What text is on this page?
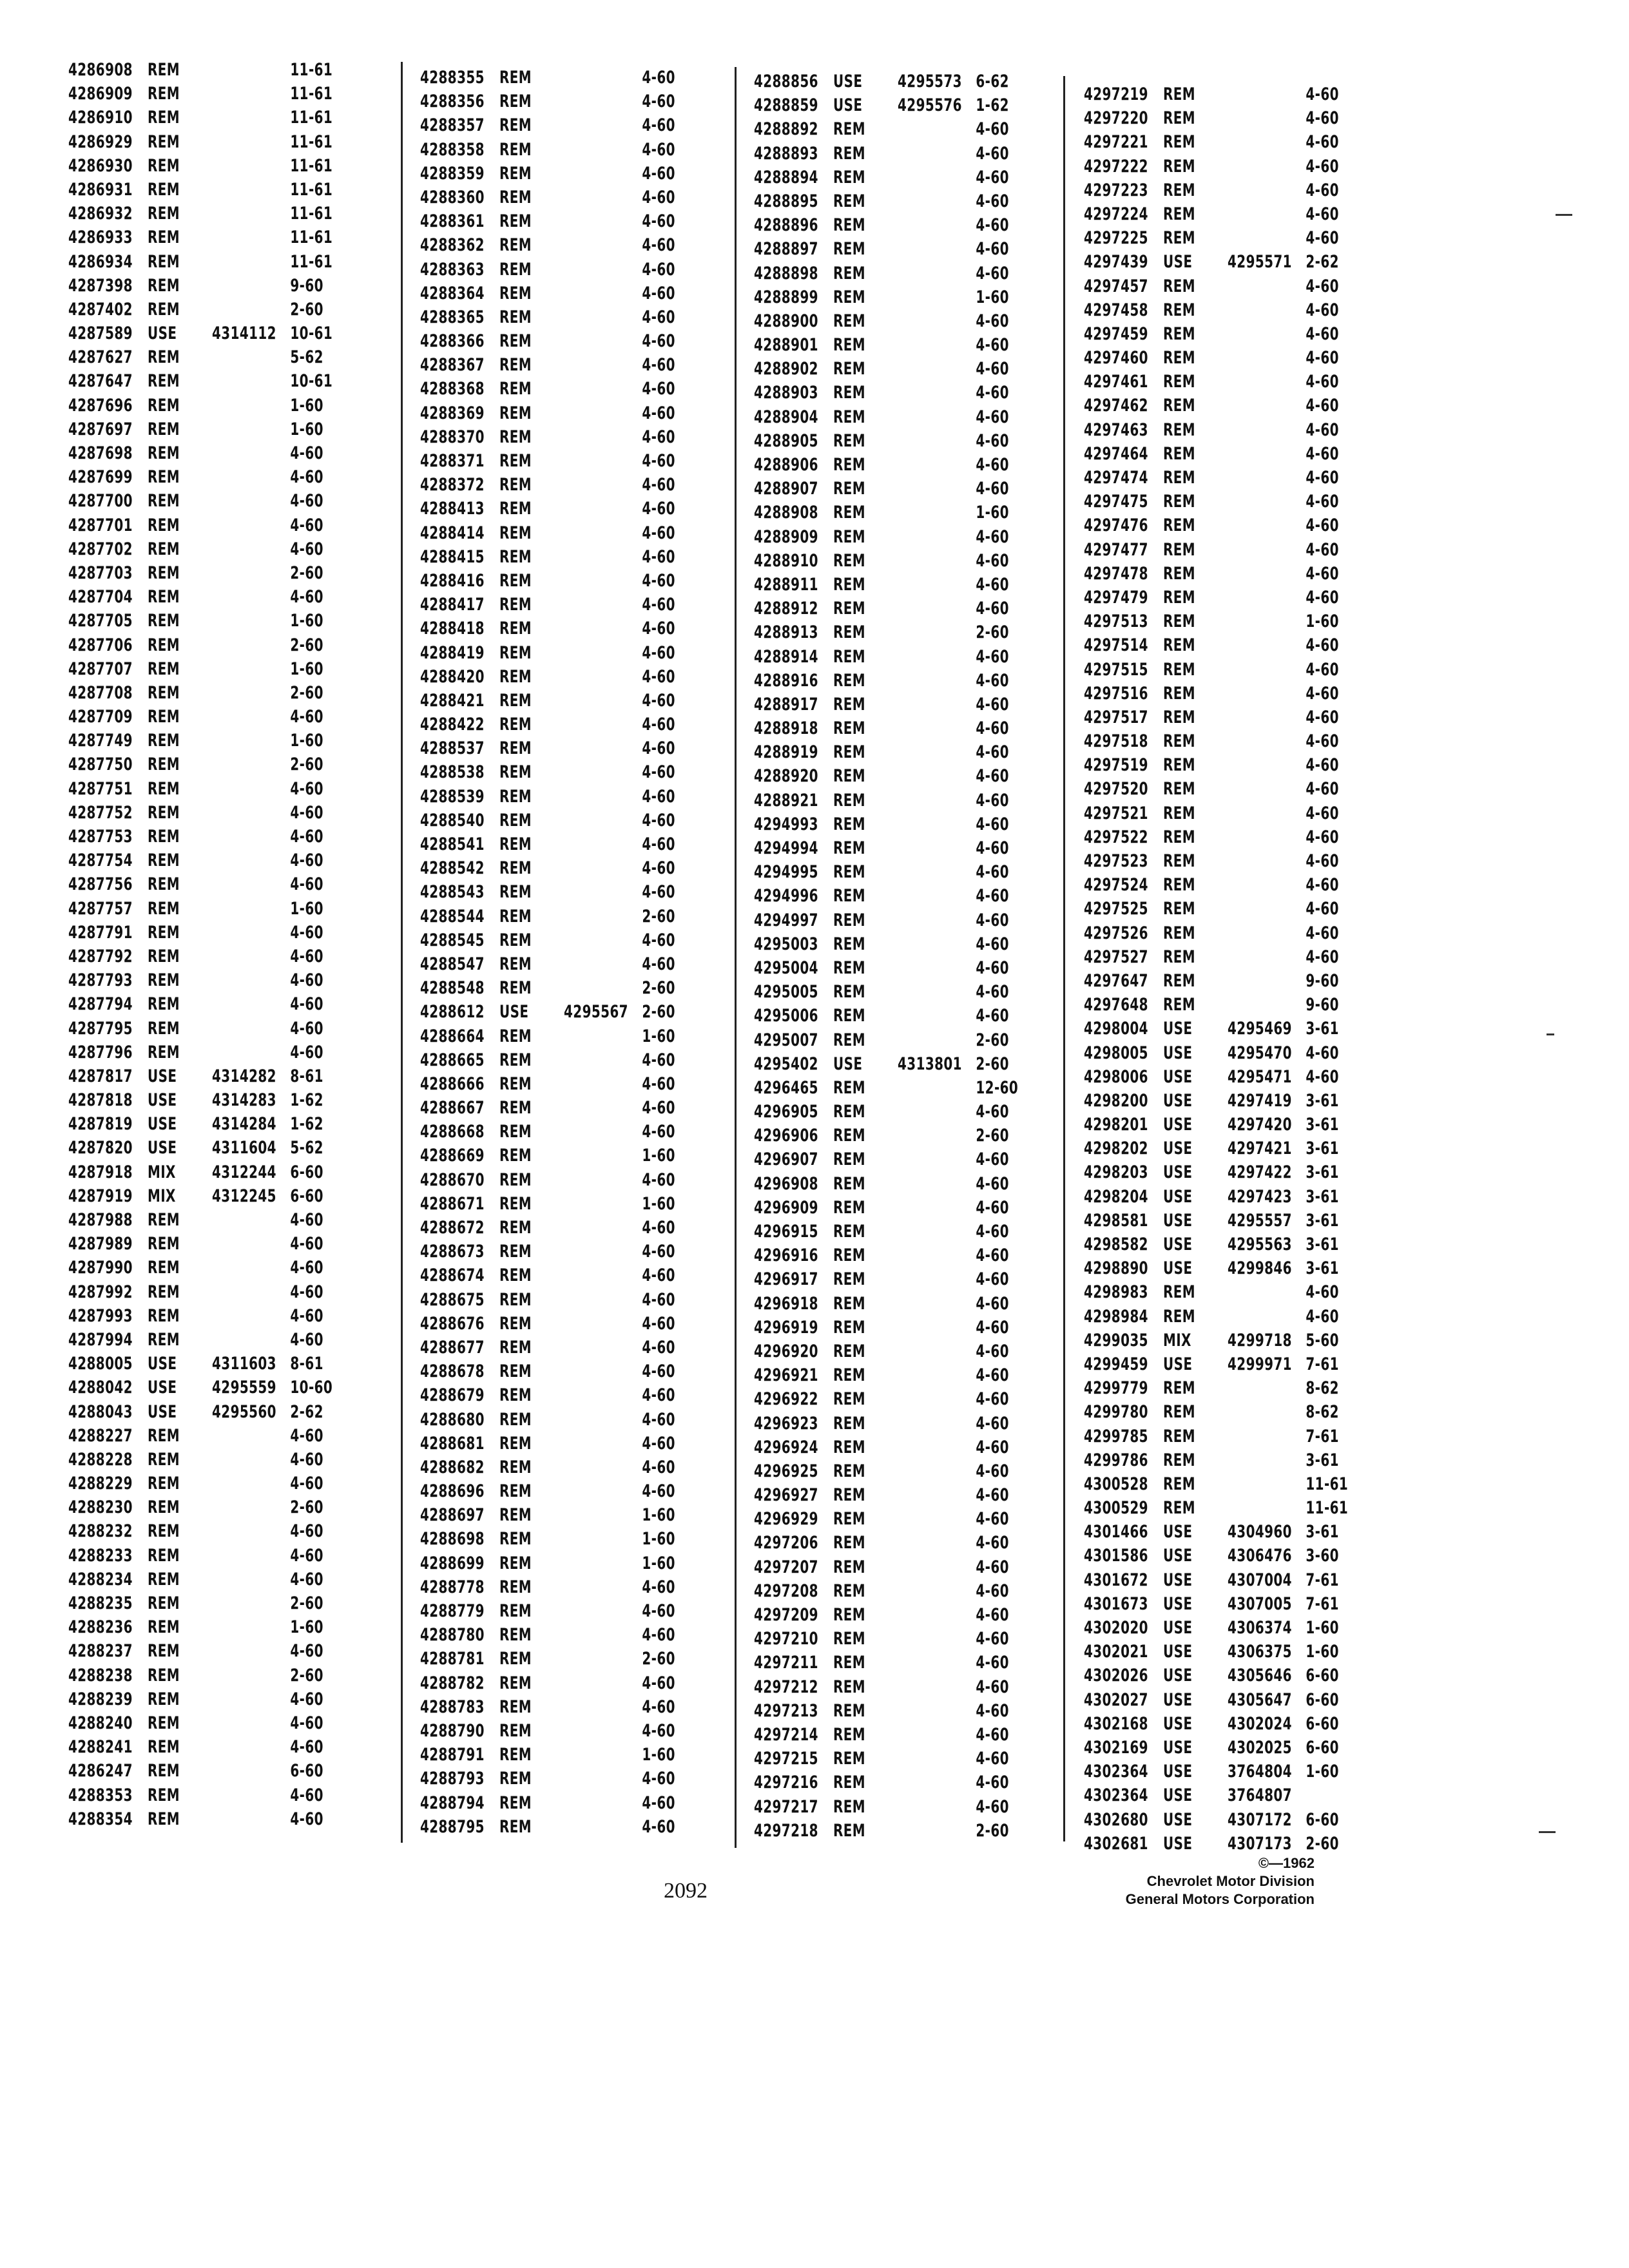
4286908 REM	11-61
4286909 REM	11-61
4286910 REM	11-61
4286929 REM	11-61
4286930 REM	11-61
4286931 REM	11-61
4286932 REM	11-61
4286933 REM	11-61
4286934 REM	11-61
4287398 REM	9-60
4287402 REM	2-60
4287589 USE 4314112 10-61
4287627 REM	5-62
4287647 REM	10-61
4287696 REM	1-60
4287697 REM	1-60
4287698 REM	4-60
4287699 REM	4-60
4287700 REM	4-60
4287701 REM	4-60
4287702 REM	4-60
4287703 REM	2-60
4287704 REM	4-60
4287705 REM	1-60
4287706 REM	2-60
4287707 REM	1-60
4287708 REM	2-60
4287709 REM	4-60
4287749 REM	1-60
4287750 REM	2-60
4287751 REM	4-60
4287752 REM	4-60
4287753 REM	4-60
4287754 REM	4-60
4287756 REM	4-60
4287757 REM	1-60
4287791 REM	4-60
4287792 REM	4-60
4287793 REM	4-60
4287794 REM	4-60
4287795 REM	4-60
4287796 REM	4-60
4287817 USE 4314282 8-61
4287818 USE 4314283 1-62
4287819 USE 4314284 1-62
4287820 USE 4311604 5-62
4287918 MIX 4312244 6-60
4287919 MIX 4312245 6-60
4287988 REM	4-60
4287989 REM	4-60
4287990 REM	4-60
4287992 REM	4-60
4287993 REM	4-60
4287994 REM	4-60
4288005 USE 4311603 8-61
4288042 USE 4295559 10-60
4288043 USE 4295560 2-62
4288227 REM	4-60
4288228 REM	4-60
4288229 REM	4-60
4288230 REM	2-60
4288232 REM	4-60
4288233 REM	4-60
4288234 REM	4-60
4288235 REM	2-60
4288236 REM	1-60
4288237 REM	4-60
4288238 REM	2-60
4288239 REM	4-60
4288240 REM	4-60
4288241 REM	4-60
4286247 REM	6-60
4288353 REM	4-60
4288354 REM	4-60
4288355 REM	4-60
4288356 REM	4-60
4288357 REM	4-60
4288358 REM	4-60
4288359 REM	4-60
4288360 REM	4-60
4288361 REM	4-60
4288362 REM	4-60
4288363 REM	4-60
4288364 REM	4-60
4288365 REM	4-60
4288366 REM	4-60
4288367 REM	4-60
4288368 REM	4-60
4288369 REM	4-60
4288370 REM	4-60
4288371 REM	4-60
4288372 REM	4-60
4288413 REM	4-60
4288414 REM	4-60
4288415 REM	4-60
4288416 REM	4-60
4288417 REM	4-60
4288418 REM	4-60
4288419 REM	4-60
4288420 REM	4-60
4288421 REM	4-60
4288422 REM	4-60
4288537 REM	4-60
4288538 REM	4-60
4288539 REM	4-60
4288540 REM	4-60
4288541 REM	4-60
4288542 REM	4-60
4288543 REM	4-60
4288544 REM	2-60
4288545 REM	4-60
4288547 REM	4-60
4288548 REM	2-60
4288612 USE 4295567 2-60
4288664 REM	1-60
4288665 REM	4-60
4288666 REM	4-60
4288667 REM	4-60
4288668 REM	4-60
4288669 REM	1-60
4288670 REM	4-60
4288671 REM	1-60
4288672 REM	4-60
4288673 REM	4-60
4288674 REM	4-60
4288675 REM	4-60
4288676 REM	4-60
4288677 REM	4-60
4288678 REM	4-60
4288679 REM	4-60
4288680 REM	4-60
4288681 REM	4-60
4288682 REM	4-60
4288696 REM	4-60
4288697 REM	1-60
4288698 REM	1-60
4288699 REM	1-60
4288778 REM	4-60
4288779 REM	4-60
4288780 REM	4-60
4288781 REM	2-60
4288782 REM	4-60
4288783 REM	4-60
4288790 REM	4-60
4288791 REM	1-60
4288793 REM	4-60
4288794 REM	4-60
4288795 REM	4-60
4288856 USE 4295573 6-62
4288859 USE 4295576 1-62
4288892 REM	4-60
4288893 REM	4-60
4288894 REM	4-60
4288895 REM	4-60
4288896 REM	4-60
4288897 REM	4-60
4288898 REM	4-60
4288899 REM	1-60
4288900 REM	4-60
4288901 REM	4-60
4288902 REM	4-60
4288903 REM	4-60
4288904 REM	4-60
4288905 REM	4-60
4288906 REM	4-60
4288907 REM	4-60
4288908 REM	1-60
4288909 REM	4-60
4288910 REM	4-60
4288911 REM	4-60
4288912 REM	4-60
4288913 REM	2-60
4288914 REM	4-60
4288916 REM	4-60
4288917 REM	4-60
4288918 REM	4-60
4288919 REM	4-60
4288920 REM	4-60
4288921 REM	4-60
4294993 REM	4-60
4294994 REM	4-60
4294995 REM	4-60
4294996 REM	4-60
4294997 REM	4-60
4295003 REM	4-60
4295004 REM	4-60
4295005 REM	4-60
4295006 REM	4-60
4295007 REM	2-60
4295402 USE 4313801 2-60
4296465 REM	12-60
4296905 REM	4-60
4296906 REM	2-60
4296907 REM	4-60
4296908 REM	4-60
4296909 REM	4-60
4296915 REM	4-60
4296916 REM	4-60
4296917 REM	4-60
4296918 REM	4-60
4296919 REM	4-60
4296920 REM	4-60
4296921 REM	4-60
4296922 REM	4-60
4296923 REM	4-60
4296924 REM	4-60
4296925 REM	4-60
4296927 REM	4-60
4296929 REM	4-60
4297206 REM	4-60
4297207 REM	4-60
4297208 REM	4-60
4297209 REM	4-60
4297210 REM	4-60
4297211 REM	4-60
4297212 REM	4-60
4297213 REM	4-60
4297214 REM	4-60
4297215 REM	4-60
4297216 REM	4-60
4297217 REM	4-60
4297218 REM	2-60
4297219 REM	4-60
4297220 REM	4-60
4297221 REM	4-60
4297222 REM	4-60
4297223 REM	4-60
4297224 REM	4-60
4297225 REM	4-60
4297439 USE 4295571 2-62
4297457 REM	4-60
4297458 REM	4-60
4297459 REM	4-60
4297460 REM	4-60
4297461 REM	4-60
4297462 REM	4-60
4297463 REM	4-60
4297464 REM	4-60
4297474 REM	4-60
4297475 REM	4-60
4297476 REM	4-60
4297477 REM	4-60
4297478 REM	4-60
4297479 REM	4-60
4297513 REM	1-60
4297514 REM	4-60
4297515 REM	4-60
4297516 REM	4-60
4297517 REM	4-60
4297518 REM	4-60
4297519 REM	4-60
4297520 REM	4-60
4297521 REM	4-60
4297522 REM	4-60
4297523 REM	4-60
4297524 REM	4-60
4297525 REM	4-60
4297526 REM	4-60
4297527 REM	4-60
4297647 REM	9-60
4297648 REM	9-60
4298004 USE 4295469 3-61
4298005 USE 4295470 4-60
4298006 USE 4295471 4-60
4298200 USE 4297419 3-61
4298201 USE 4297420 3-61
4298202 USE 4297421 3-61
4298203 USE 4297422 3-61
4298204 USE 4297423 3-61
4298581 USE 4295557 3-61
4298582 USE 4295563 3-61
4298890 USE 4299846 3-61
4298983 REM	4-60
4298984 REM	4-60
4299035 MIX 4299718 5-60
4299459 USE 4299971 7-61
4299779 REM	8-62
4299780 REM	8-62
4299785 REM	7-61
4299786 REM	3-61
4300528 REM	11-61
4300529 REM	11-61
4301466 USE 4304960 3-61
4301586 USE 4306476 3-60
4301672 USE 4307004 7-61
4301673 USE 4307005 7-61
4302020 USE 4306374 1-60
4302021 USE 4306375 1-60
4302026 USE 4305646 6-60
4302027 USE 4305647 6-60
4302168 USE 4302024 6-60
4302169 USE 4302025 6-60
4302364 USE 3764804 1-60
4302364 USE 3764807
4302680 USE 4307172 6-60
4302681 USE 4307173 2-60
2092
©—1962
Chevrolet Motor Division
General Motors Corporation
